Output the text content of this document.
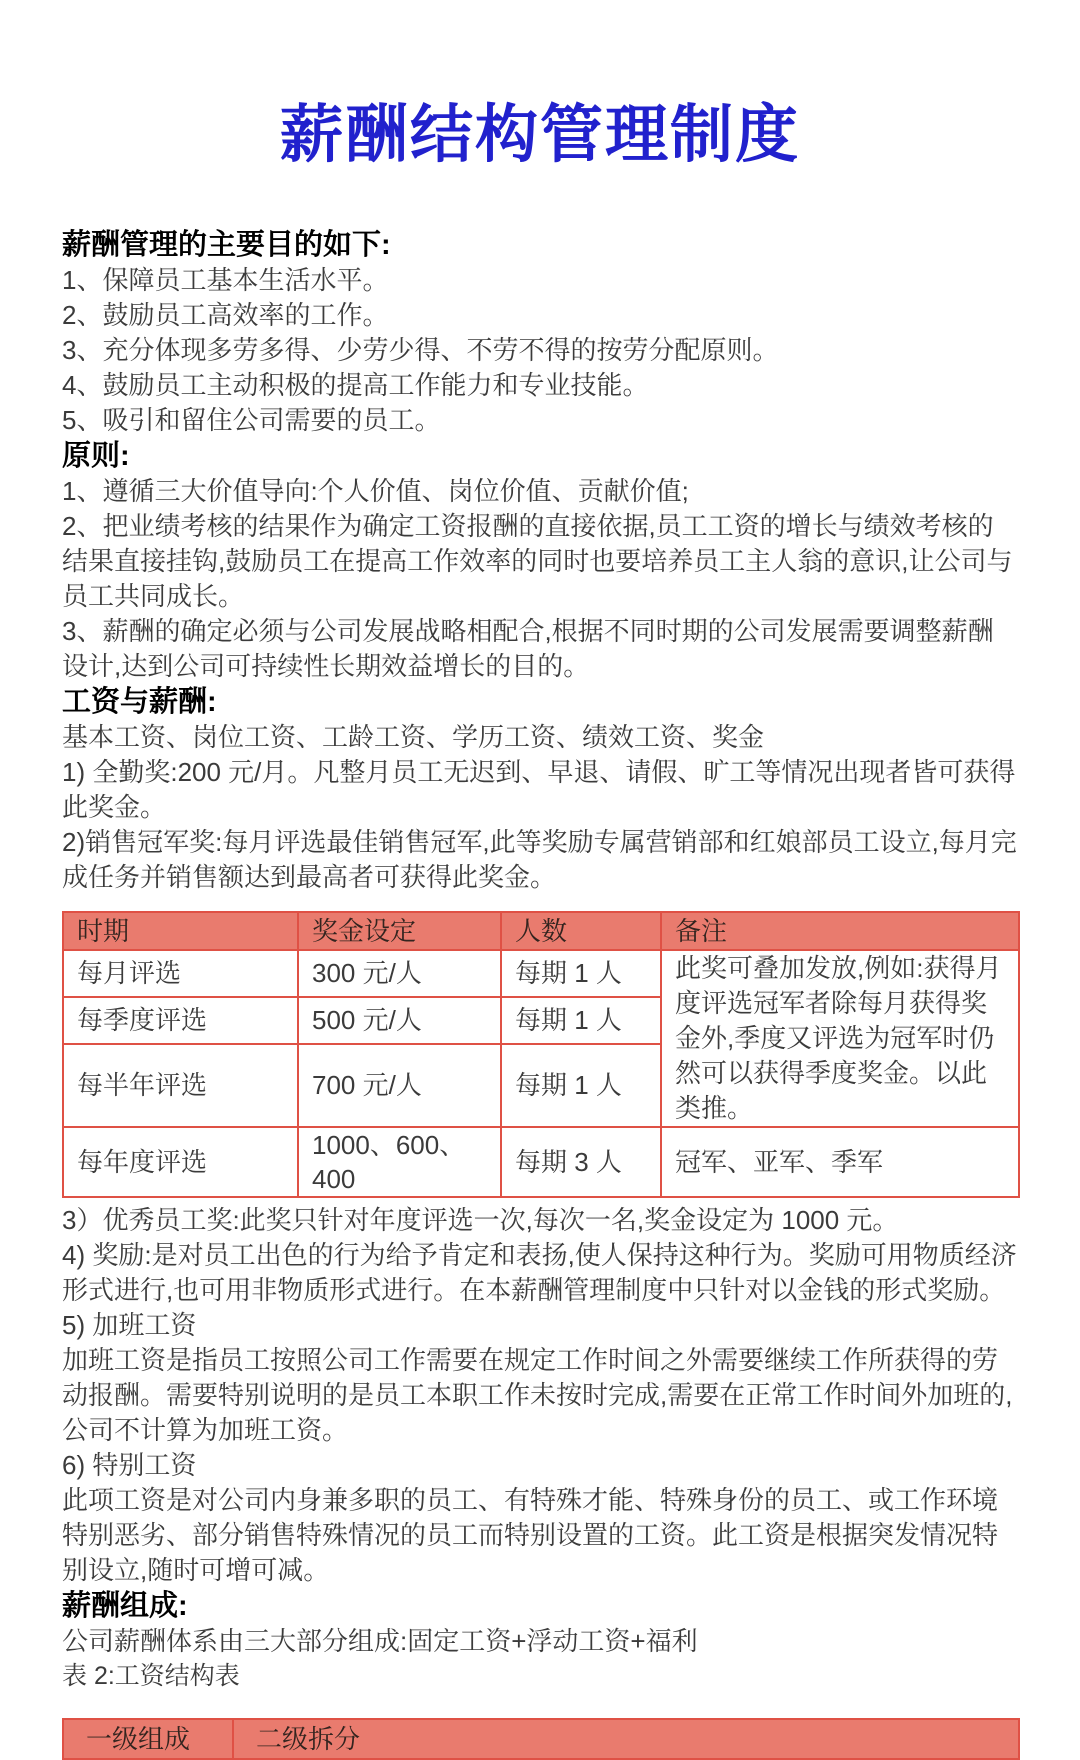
薪酬结构管理制度
薪酬管理的主要目的如下:

1、保障员工基本生活水平。

2、鼓励员工高效率的工作。

3、充分体现多劳多得、少劳少得、不劳不得的按劳分配原则。

4、鼓励员工主动积极的提高工作能力和专业技能。

5、吸引和留住公司需要的员工。

原则:

1、遵循三大价值导向:个人价值、岗位价值、贡献价值;

2、把业绩考核的结果作为确定工资报酬的直接依据,员工工资的增长与绩效考核的结果直接挂钩,鼓励员工在提高工作效率的同时也要培养员工主人翁的意识,让公司与员工共同成长。

3、薪酬的确定必须与公司发展战略相配合,根据不同时期的公司发展需要调整薪酬设计,达到公司可持续性长期效益增长的目的。

工资与薪酬:

基本工资、岗位工资、工龄工资、学历工资、绩效工资、奖金

1) 全勤奖:200 元/月。凡整月员工无迟到、早退、请假、旷工等情况出现者皆可获得此奖金。

2)销售冠军奖:每月评选最佳销售冠军,此等奖励专属营销部和红娘部员工设立,每月完成任务并销售额达到最高者可获得此奖金。

时期	奖金设定	人数	备注
每月评选	300 元/人	每期 1 人	此奖可叠加发放,例如:获得月度评选冠军者除每月获得奖金外,季度又评选为冠军时仍然可以获得季度奖金。以此类推。
每季度评选	500 元/人	每期 1 人	
每半年评选	700 元/人	每期 1 人	
每年度评选	1000、600、400	每期 3 人	冠军、亚军、季军

3）优秀员工奖:此奖只针对年度评选一次,每次一名,奖金设定为 1000 元。

4) 奖励:是对员工出色的行为给予肯定和表扬,使人保持这种行为。奖励可用物质经济形式进行,也可用非物质形式进行。在本薪酬管理制度中只针对以金钱的形式奖励。

5) 加班工资

加班工资是指员工按照公司工作需要在规定工作时间之外需要继续工作所获得的劳动报酬。需要特别说明的是员工本职工作未按时完成,需要在正常工作时间外加班的,公司不计算为加班工资。

6) 特别工资

此项工资是对公司内身兼多职的员工、有特殊才能、特殊身份的员工、或工作环境特别恶劣、部分销售特殊情况的员工而特别设置的工资。此工资是根据突发情况特别设立,随时可增可减。

薪酬组成:

公司薪酬体系由三大部分组成:固定工资+浮动工资+福利

表 2:工资结构表

一级组成	二级拆分
